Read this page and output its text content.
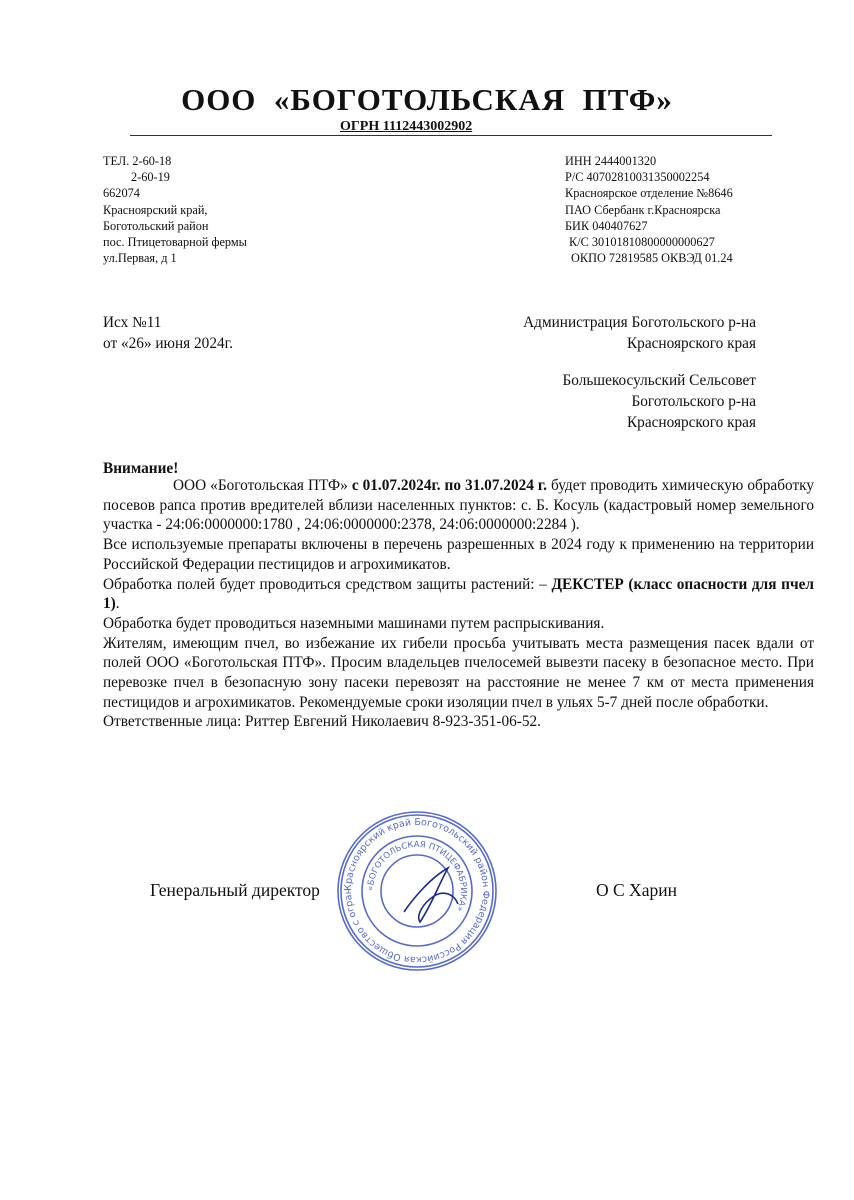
ООО  «БОГОТОЛЬСКАЯ  ПТФ»
ОГРН 1112443002902
ТЕЛ. 2-60-18
2-60-19
662074
Красноярский край,
Боготольский район
пос. Птицетоварной фермы
ул.Первая, д 1
ИНН 2444001320
Р/С 40702810031350002254
Красноярское отделение №8646
ПАО Сбербанк г.Красноярска
БИК 040407627
К/С 30101810800000000627
ОКПО 72819585 ОКВЭД 01.24
Исх №11
от «26» июня 2024г.
Администрация Боготольского р-на
Красноярского края
Большекосульский Сельсовет
Боготольского р-на
Красноярского края
Внимание!

ООО «Боготольская ПТФ» с 01.07.2024г. по 31.07.2024 г. будет проводить химическую обработку посевов рапса против вредителей вблизи населенных пунктов: с. Б. Косуль (кадастровый номер земельного участка - 24:06:0000000:1780 , 24:06:0000000:2378, 24:06:0000000:2284 ).

Все используемые препараты включены в перечень разрешенных в 2024 году к применению на территории Российской Федерации пестицидов и агрохимикатов.

Обработка полей будет проводиться средством защиты растений: – ДЕКСТЕР (класс опасности для пчел 1).

Обработка будет проводиться наземными машинами путем распрыскивания.

Жителям, имеющим пчел, во избежание их гибели просьба учитывать места размещения пасек вдали от полей ООО «Боготольская ПТФ». Просим владельцев пчелосемей вывезти пасеку в безопасное место. При перевозке пчел в безопасную зону пасеки перевозят на расстояние не менее 7 км от места применения пестицидов и агрохимикатов. Рекомендуемые сроки изоляции пчел в ульях 5-7 дней после обработки.

Ответственные лица: Риттер Евгений Николаевич 8-923-351-06-52.

Генеральный директор	О С Харин
Красноярский край Боготольский район Федерация Российская Общество с огран	«БОГОТОЛЬСКАЯ ПТИЦЕФАБРИКА»
